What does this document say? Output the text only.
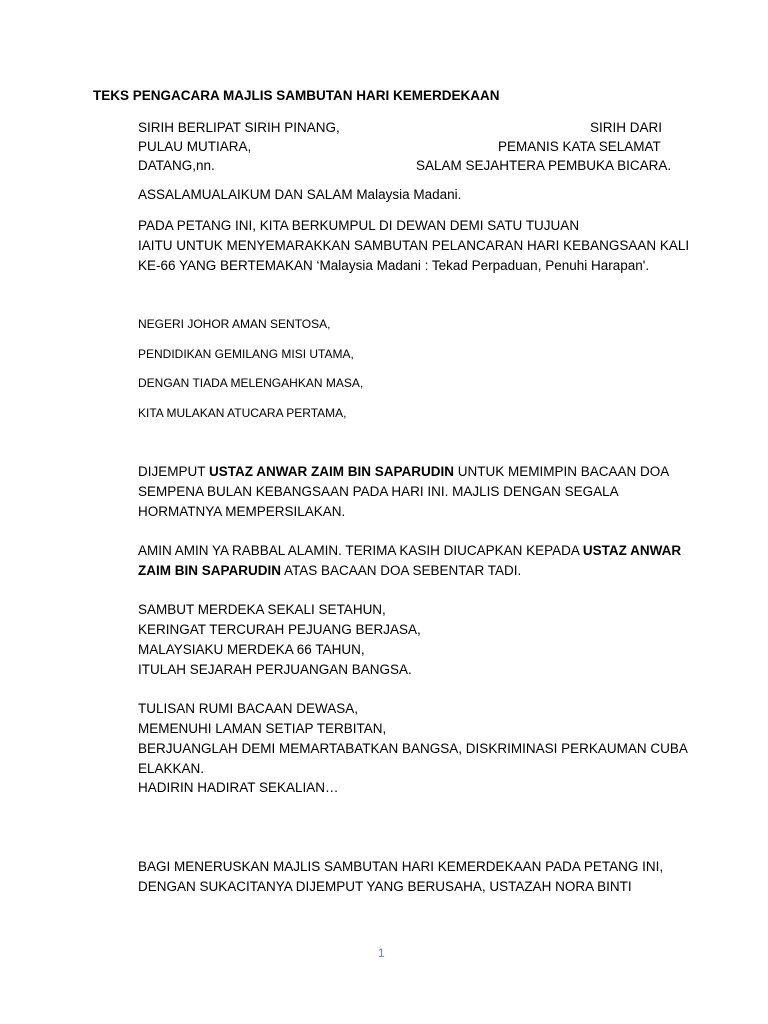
TEKS PENGACARA MAJLIS SAMBUTAN HARI KEMERDEKAAN
SIRIH BERLIPAT SIRIH PINANG,	SIRIH DARI
PULAU MUTIARA,	PEMANIS KATA SELAMAT
DATANG,nn.	SALAM SEJAHTERA PEMBUKA BICARA.
ASSALAMUALAIKUM DAN SALAM Malaysia Madani.
PADA PETANG INI, KITA BERKUMPUL DI DEWAN DEMI SATU TUJUAN
IAITU UNTUK MENYEMARAKKAN SAMBUTAN PELANCARAN HARI KEBANGSAAN KALI
KE-66 YANG BERTEMAKAN ‘Malaysia Madani : Tekad Perpaduan, Penuhi Harapan'.
NEGERI JOHOR AMAN SENTOSA,
PENDIDIKAN GEMILANG MISI UTAMA,
DENGAN TIADA MELENGAHKAN MASA,
KITA MULAKAN ATUCARA PERTAMA,
DIJEMPUT USTAZ ANWAR ZAIM BIN SAPARUDIN UNTUK MEMIMPIN BACAAN DOA
SEMPENA BULAN KEBANGSAAN PADA HARI INI. MAJLIS DENGAN SEGALA
HORMATNYA MEMPERSILAKAN.
AMIN AMIN YA RABBAL ALAMIN. TERIMA KASIH DIUCAPKAN KEPADA USTAZ ANWAR
ZAIM BIN SAPARUDIN ATAS BACAAN DOA SEBENTAR TADI.
SAMBUT MERDEKA SEKALI SETAHUN,
KERINGAT TERCURAH PEJUANG BERJASA,
MALAYSIAKU MERDEKA 66 TAHUN,
ITULAH SEJARAH PERJUANGAN BANGSA.
TULISAN RUMI BACAAN DEWASA,
MEMENUHI LAMAN SETIAP TERBITAN,
BERJUANGLAH DEMI MEMARTABATKAN BANGSA, DISKRIMINASI PERKAUMAN CUBA
ELAKKAN.
HADIRIN HADIRAT SEKALIAN…
BAGI MENERUSKAN MAJLIS SAMBUTAN HARI KEMERDEKAAN PADA PETANG INI,
DENGAN SUKACITANYA DIJEMPUT YANG BERUSAHA, USTAZAH NORA BINTI
1
